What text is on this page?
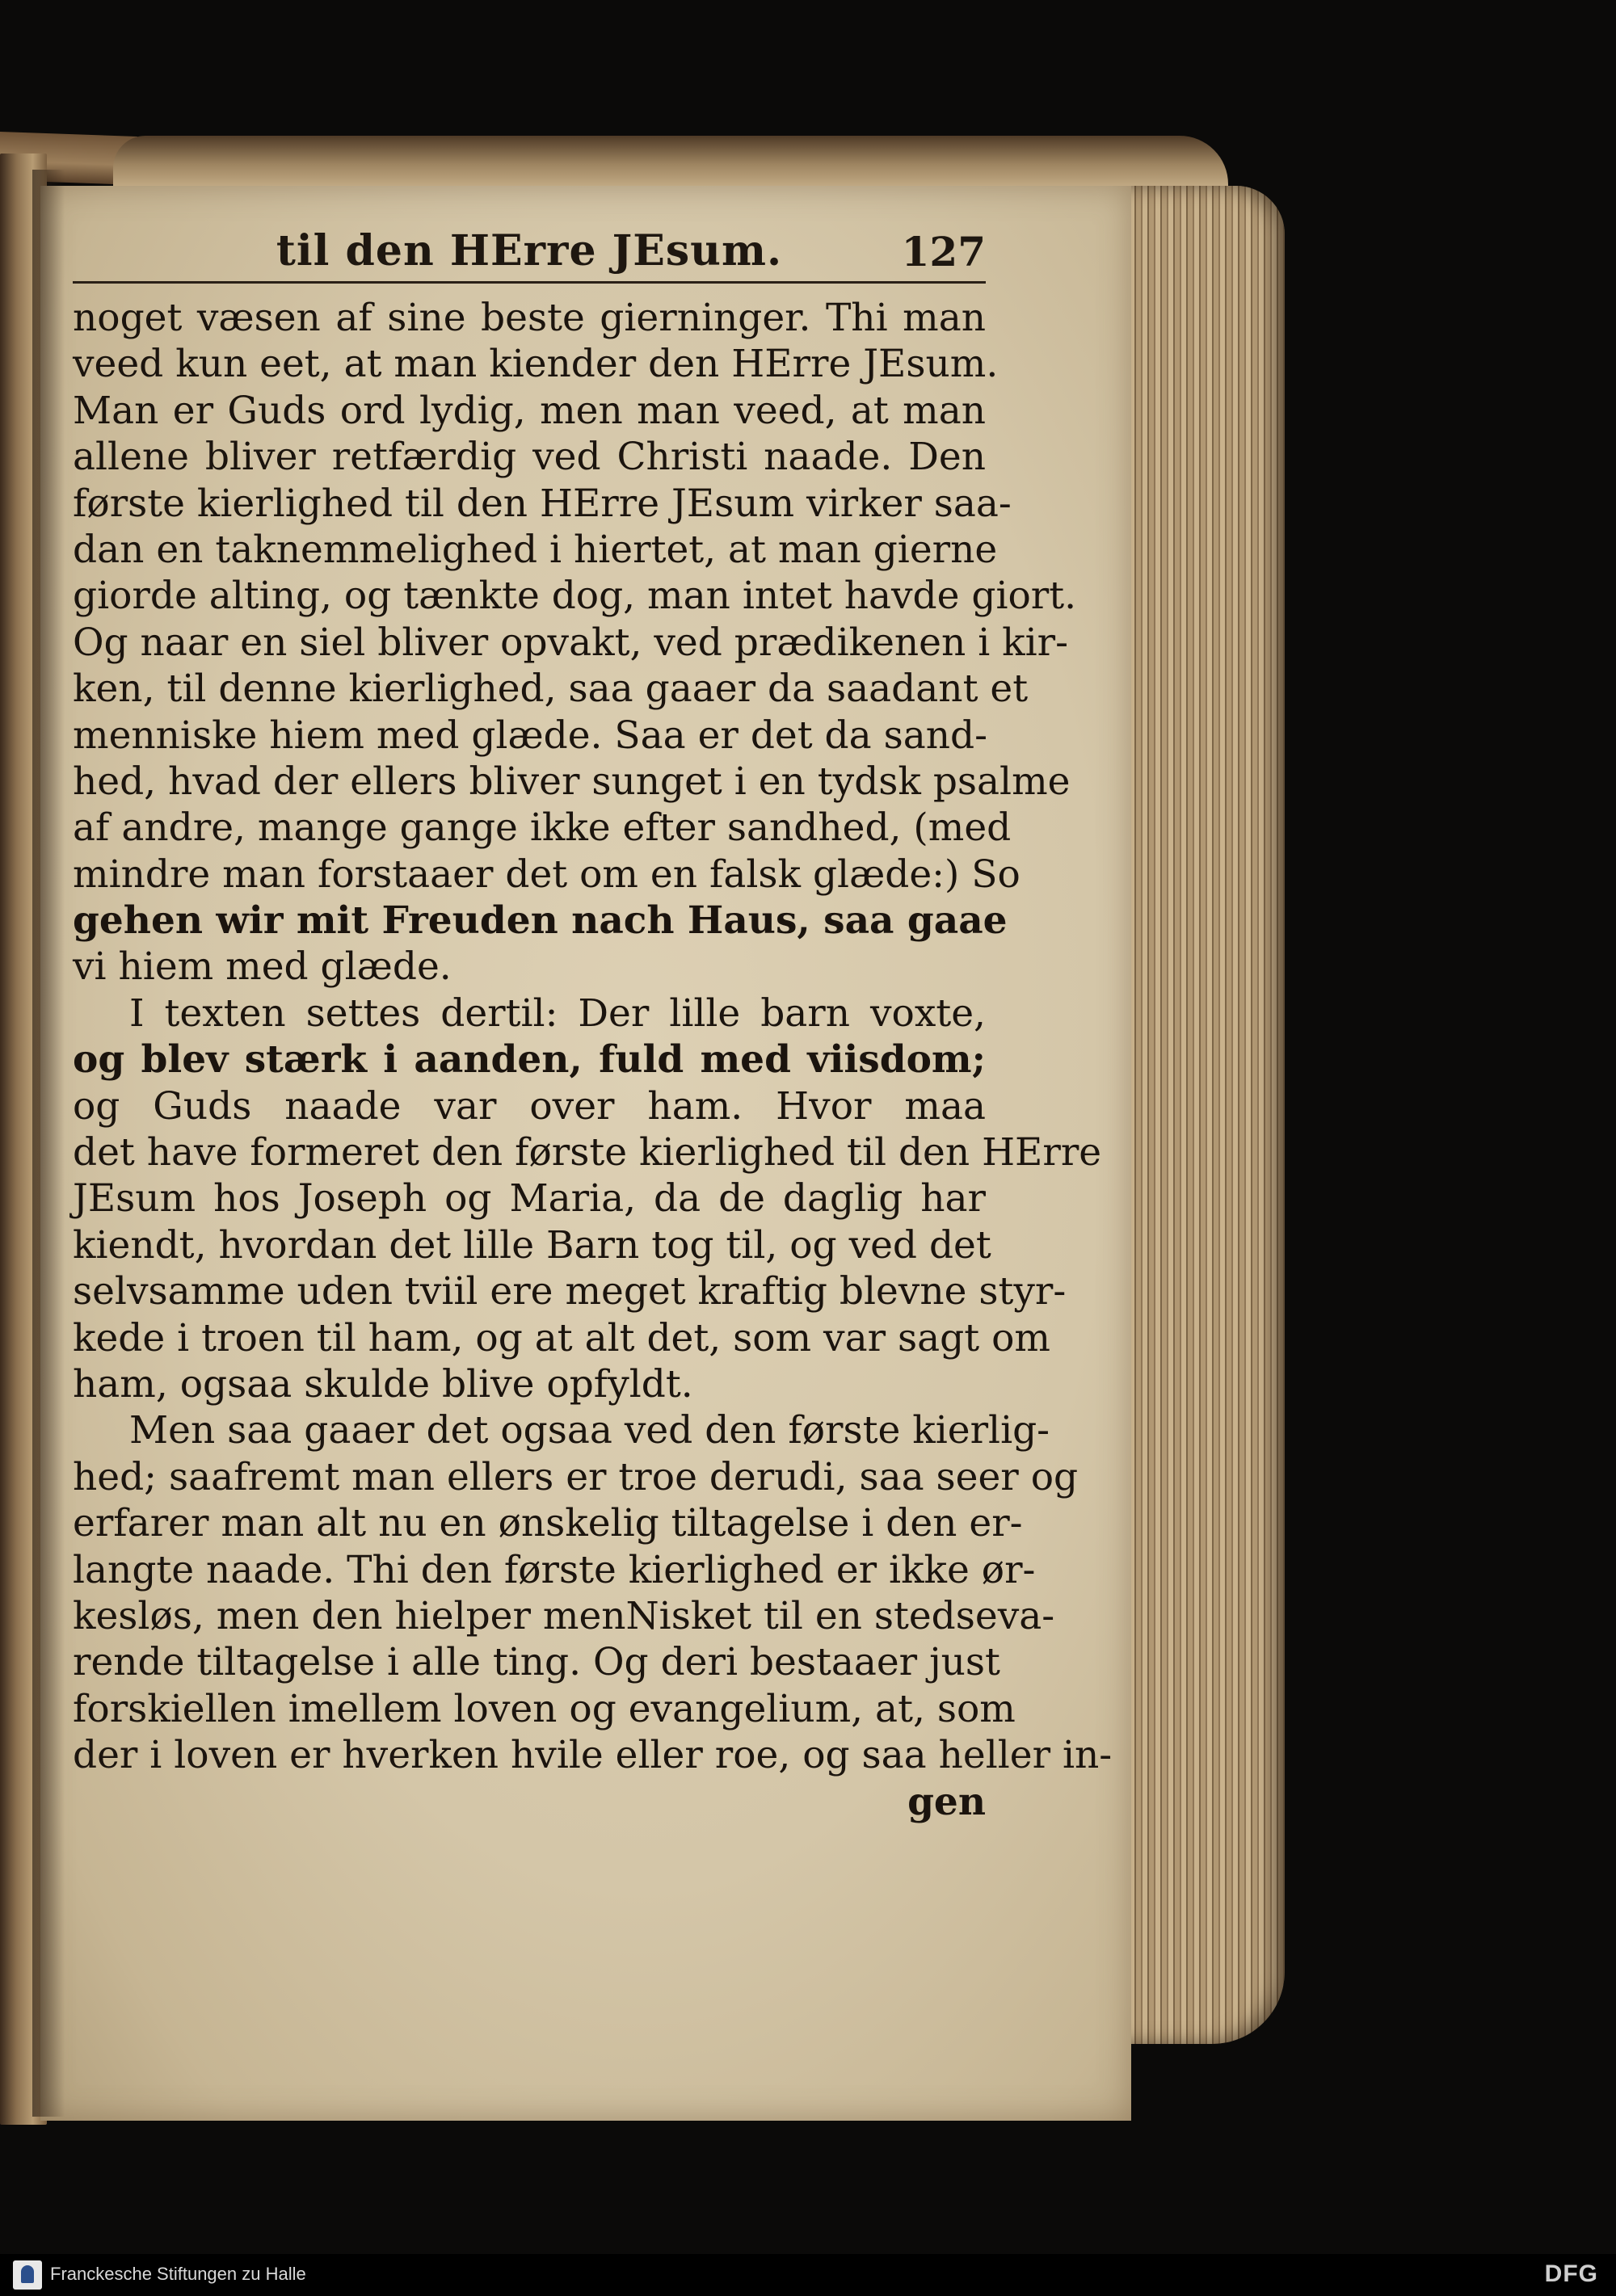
til den HErre JEsum.	127
noget væsen af sine beste gierninger. Thi man
veed kun eet, at man kiender den HErre JEsum.
Man er Guds ord lydig, men man veed, at man
allene bliver retfærdig ved Christi naade. Den
første kierlighed til den HErre JEsum virker saa-
dan en taknemmelighed i hiertet, at man gierne
giorde alting, og tænkte dog, man intet havde giort.
Og naar en siel bliver opvakt, ved prædikenen i kir-
ken, til denne kierlighed, saa gaaer da saadant et
menniske hiem med glæde. Saa er det da sand-
hed, hvad der ellers bliver sunget i en tydsk psalme
af andre, mange gange ikke efter sandhed, (med
mindre man forstaaer det om en falsk glæde:) So
gehen wir mit Freuden nach Haus, saa gaae
vi hiem med glæde.
I texten settes dertil: Der lille barn voxte,
og blev stærk i aanden, fuld med viisdom;
og Guds naade var over ham. Hvor maa
det have formeret den første kierlighed til den HErre
JEsum hos Joseph og Maria, da de daglig har
kiendt, hvordan det lille Barn tog til, og ved det
selvsamme uden tviil ere meget kraftig blevne styr-
kede i troen til ham, og at alt det, som var sagt om
ham, ogsaa skulde blive opfyldt.
Men saa gaaer det ogsaa ved den første kierlig-
hed; saafremt man ellers er troe derudi, saa seer og
erfarer man alt nu en ønskelig tiltagelse i den er-
langte naade. Thi den første kierlighed er ikke ør-
kesløs, men den hielper menNisket til en stedseva-
rende tiltagelse i alle ting. Og deri bestaaer just
forskiellen imellem loven og evangelium, at, som
der i loven er hverken hvile eller roe, og saa heller in-
gen
Franckesche Stiftungen zu Halle	DFG
